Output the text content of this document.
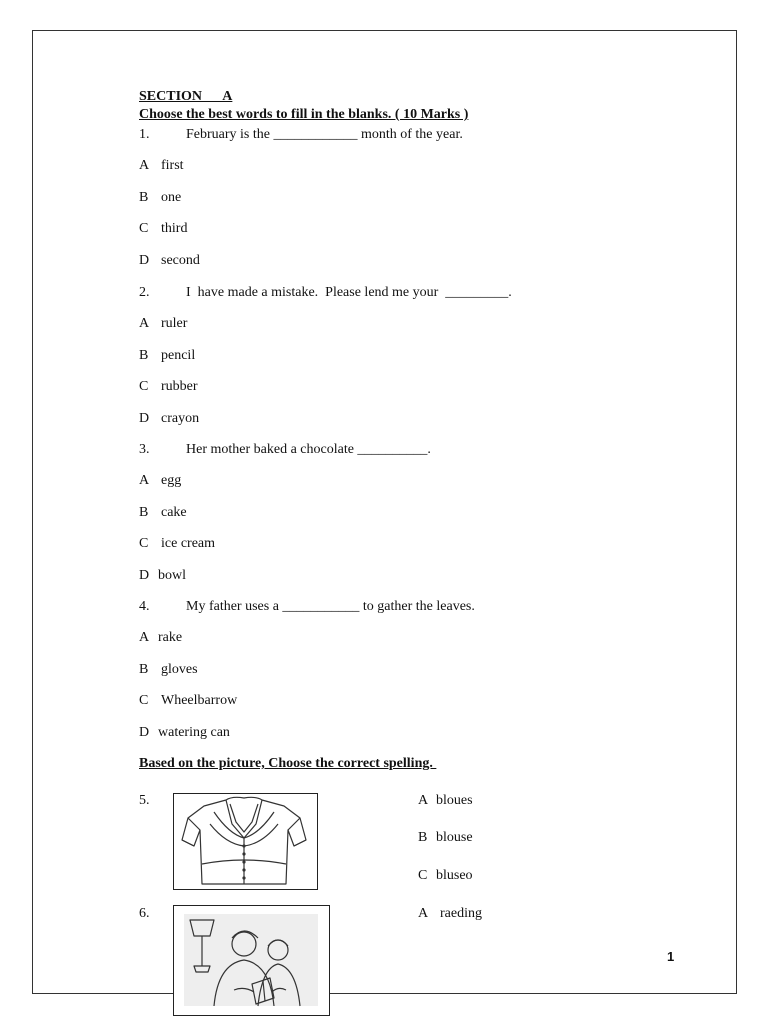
SECTION      A
Choose the best words to fill in the blanks. ( 10 Marks )
1.	February is the ____________ month of the year.
A first
B one
C third
D second
2.	I  have made a mistake.  Please lend me your  _________.
A ruler
B pencil
C rubber
D crayon
3.	Her mother baked a chocolate __________.
A egg
B cake
C ice cream
D bowl
4.	My father uses a ___________ to gather the leaves.
A rake
B gloves
C Wheelbarrow
D watering can
Based on the picture, Choose the correct spelling.
5.	A bloues
B blouse
C bluseo
6.	A raeding
1
